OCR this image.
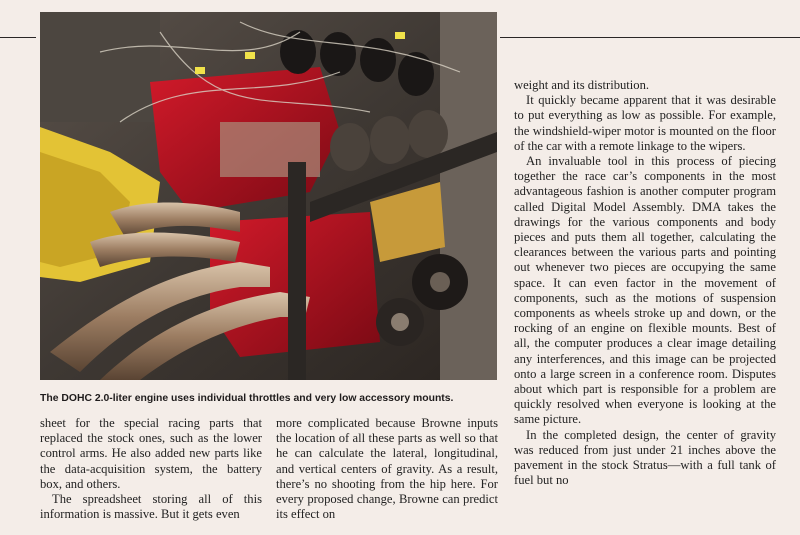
The DOHC 2.0-liter engine uses individual throttles and very low accessory mounts.

sheet for the special racing parts that replaced the stock ones, such as the lower control arms. He also added new parts like the data-acquisition system, the battery box, and others.

The spreadsheet storing all of this information is massive. But it gets even

more complicated because Browne inputs the location of all these parts as well so that he can calculate the lateral, longitudinal, and vertical centers of gravity. As a result, there’s no shooting from the hip here. For every proposed change, Browne can predict its effect on

weight and its distribution.

It quickly became apparent that it was desirable to put everything as low as possible. For example, the windshield-wiper motor is mounted on the floor of the car with a remote linkage to the wipers.

An invaluable tool in this process of piecing together the race car’s components in the most advantageous fashion is another computer program called Digital Model Assembly. DMA takes the drawings for the various components and body pieces and puts them all together, calculating the clearances between the various parts and pointing out whenever two pieces are occupying the same space. It can even factor in the movement of components, such as the motions of suspension components as wheels stroke up and down, or the rocking of an engine on flexible mounts. Best of all, the computer produces a clear image detailing any interferences, and this image can be projected onto a large screen in a conference room. Disputes about which part is responsible for a problem are quickly resolved when everyone is looking at the same picture.

In the completed design, the center of gravity was reduced from just under 21 inches above the pavement in the stock Stratus—with a full tank of fuel but no
